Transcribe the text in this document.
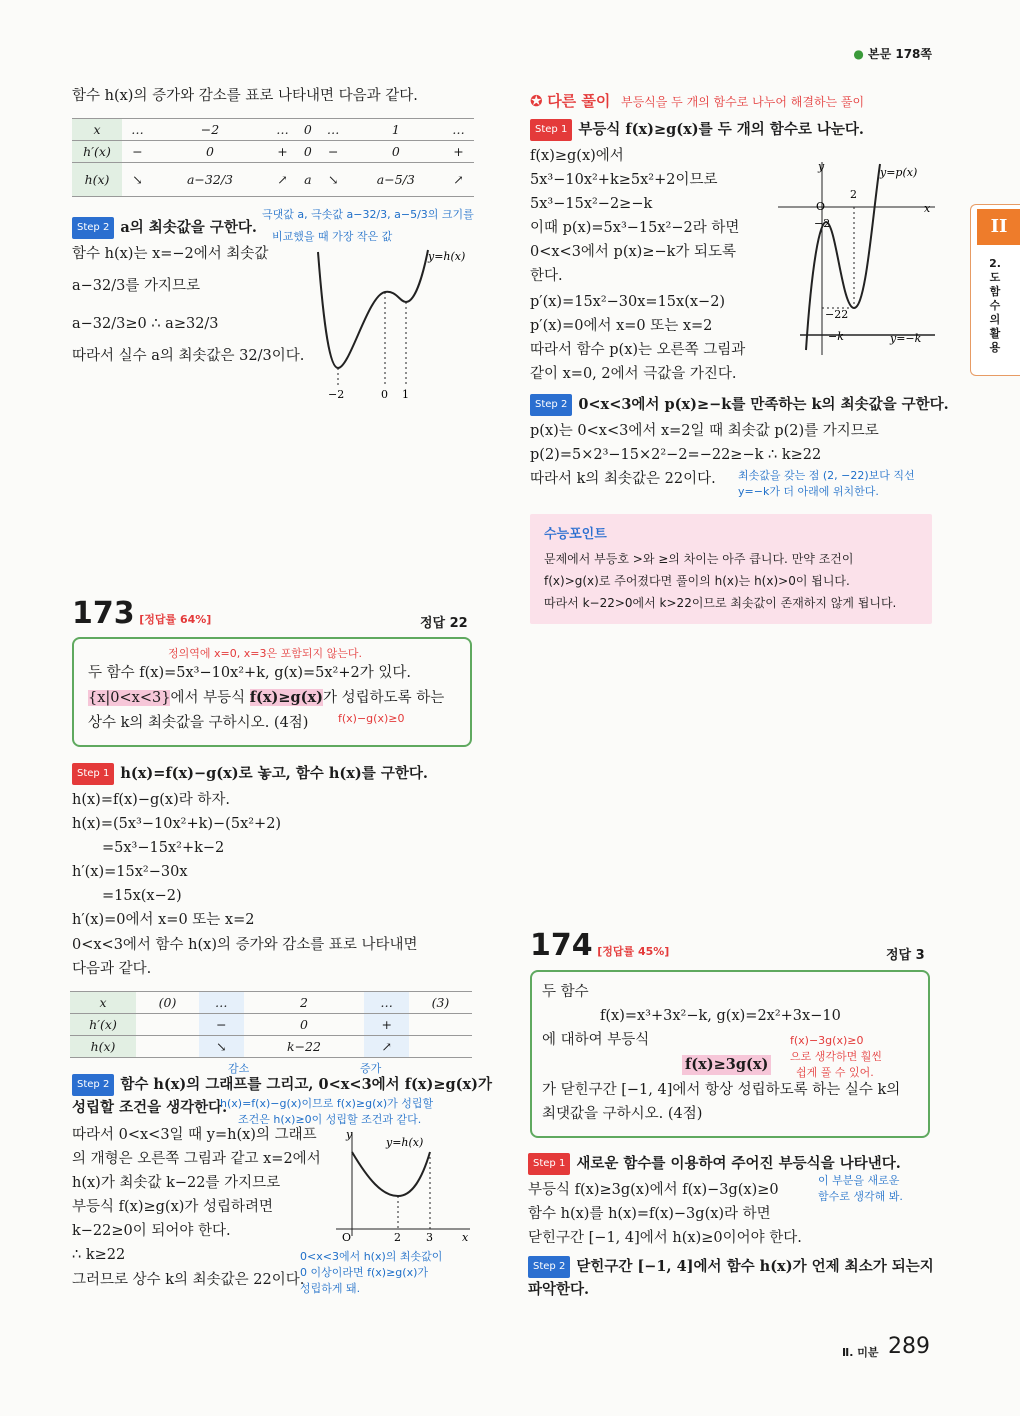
● 본문 178쪽
II
2.
도
함
수
의
활
용
함수 h(x)의 증가와 감소를 표로 나타내면 다음과 같다.
x	…	−2	…	0	…	1	…
h′(x)	−	0	+	0	−	0	+
h(x)	↘	a−32/3	↗	a	↘	a−5/3	↗
Step 2 a의 최솟값을 구한다.
극댓값 a, 극솟값 a−32/3, a−5/3의 크기를
비교했을 때 가장 작은 값
함수 h(x)는 x=−2에서 최솟값
a−32/3를 가지므로
a−32/3≥0 ∴ a≥32/3
따라서 실수 a의 최솟값은 32/3이다.
y=h(x)
−2	0 1
✪ 다른 풀이 부등식을 두 개의 함수로 나누어 해결하는 풀이
Step 1 부등식 f(x)≥g(x)를 두 개의 함수로 나눈다.
f(x)≥g(x)에서
5x³−10x²+k≥5x²+2이므로
5x³−15x²−2≥−k
이때 p(x)=5x³−15x²−2라 하면
0<x<3에서 p(x)≥−k가 되도록
한다.
p′(x)=15x²−30x=15x(x−2)
p′(x)=0에서 x=0 또는 x=2
따라서 함수 p(x)는 오른쪽 그림과
같이 x=0, 2에서 극값을 가진다.
y
x
O
2
−2
−22
−k
y=p(x)
y=−k
Step 2 0<x<3에서 p(x)≥−k를 만족하는 k의 최솟값을 구한다.
p(x)는 0<x<3에서 x=2일 때 최솟값 p(2)를 가지므로
p(2)=5×2³−15×2²−2=−22≥−k ∴ k≥22
따라서 k의 최솟값은 22이다. 최솟값을 갖는 점 (2, −22)보다 직선
y=−k가 더 아래에 위치한다.
수능포인트
문제에서 부등호 >와 ≥의 차이는 아주 큽니다. 만약 조건이
f(x)>g(x)로 주어졌다면 풀이의 h(x)는 h(x)>0이 됩니다.
따라서 k−22>0에서 k>22이므로 최솟값이 존재하지 않게 됩니다.
173 [정답률 64%]	정답 22
정의역에 x=0, x=3은 포함되지 않는다.
두 함수 f(x)=5x³−10x²+k, g(x)=5x²+2가 있다.
{x|0<x<3}에서 부등식 f(x)≥g(x)가 성립하도록 하는
상수 k의 최솟값을 구하시오. (4점)	f(x)−g(x)≥0
Step 1 h(x)=f(x)−g(x)로 놓고, 함수 h(x)를 구한다.
h(x)=f(x)−g(x)라 하자.
h(x)=(5x³−10x²+k)−(5x²+2)
=5x³−15x²+k−2
h′(x)=15x²−30x
=15x(x−2)
h′(x)=0에서 x=0 또는 x=2
0<x<3에서 함수 h(x)의 증가와 감소를 표로 나타내면
다음과 같다.
x	(0)	…	2	…	(3)
h′(x)		−	0	+	
h(x)		↘	k−22	↗	
감소	증가
Step 2 함수 h(x)의 그래프를 그리고, 0<x<3에서 f(x)≥g(x)가
성립할 조건을 생각한다.
h(x)=f(x)−g(x)이므로 f(x)≥g(x)가 성립할
조건은 h(x)≥0이 성립할 조건과 같다.
따라서 0<x<3일 때 y=h(x)의 그래프
의 개형은 오른쪽 그림과 같고 x=2에서
h(x)가 최솟값 k−22를 가지므로
부등식 f(x)≥g(x)가 성립하려면
k−22≥0이 되어야 한다.
∴ k≥22
그러므로 상수 k의 최솟값은 22이다.
y
x
O	2 3
y=h(x)
0<x<3에서 h(x)의 최솟값이
0 이상이라면 f(x)≥g(x)가
성립하게 돼.
174 [정답률 45%]	정답 3
두 함수
f(x)=x³+3x²−k, g(x)=2x²+3x−10
에 대하여 부등식
f(x)≥3g(x)
가 닫힌구간 [−1, 4]에서 항상 성립하도록 하는 실수 k의
최댓값을 구하시오. (4점)
f(x)−3g(x)≥0
으로 생각하면 훨씬
쉽게 풀 수 있어.
Step 1 새로운 함수를 이용하여 주어진 부등식을 나타낸다.
부등식 f(x)≥3g(x)에서 f(x)−3g(x)≥0
함수 h(x)를 h(x)=f(x)−3g(x)라 하면
닫힌구간 [−1, 4]에서 h(x)≥0이어야 한다.
이 부분을 새로운
함수로 생각해 봐.
Step 2 닫힌구간 [−1, 4]에서 함수 h(x)가 언제 최소가 되는지
파악한다.
Ⅱ. 미분 289
